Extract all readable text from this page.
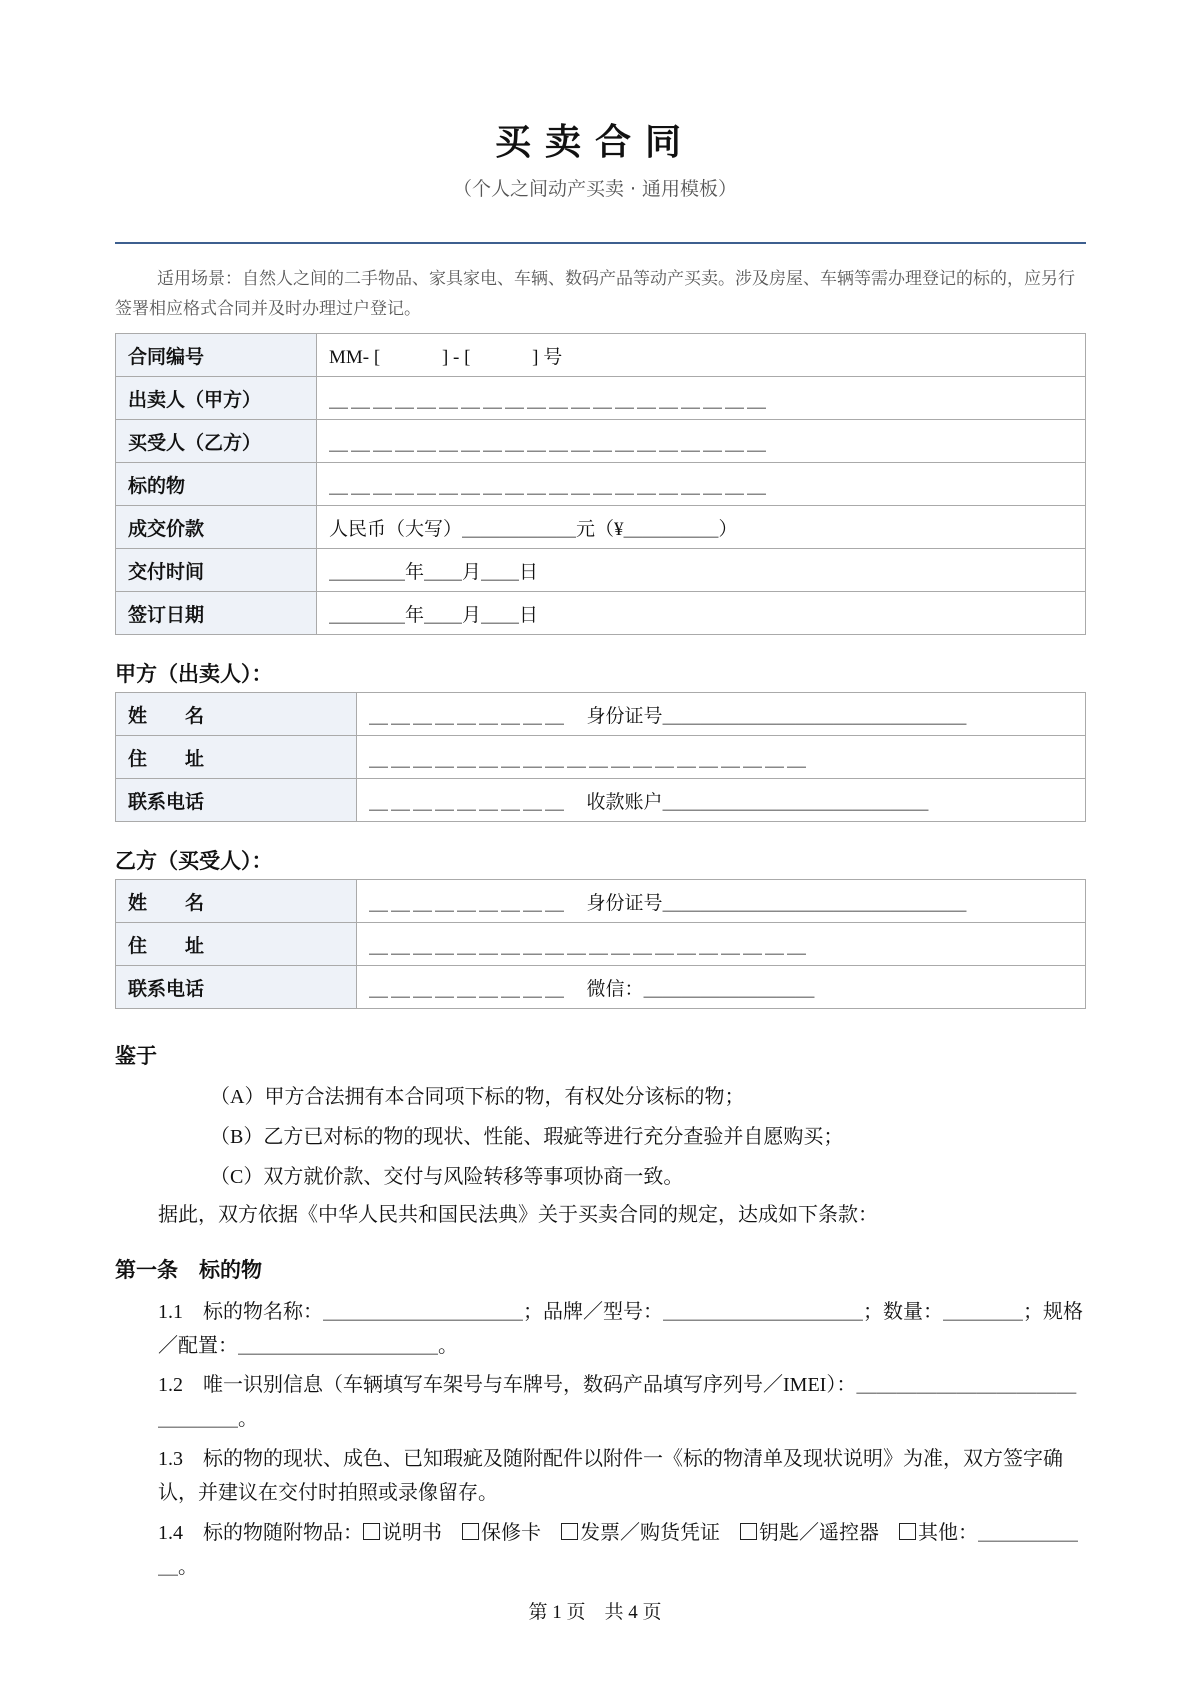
买卖合同
（个人之间动产买卖 · 通用模板）
适用场景：自然人之间的二手物品、家具家电、车辆、数码产品等动产买卖。涉及房屋、车辆等需办理登记的标的，应另行签署相应格式合同并及时办理过户登记。
合同编号	MM- [　　　 ] - [　　　 ] 号
出卖人（甲方）	＿＿＿＿＿＿＿＿＿＿＿＿＿＿＿＿＿＿＿＿
买受人（乙方）	＿＿＿＿＿＿＿＿＿＿＿＿＿＿＿＿＿＿＿＿
标的物	＿＿＿＿＿＿＿＿＿＿＿＿＿＿＿＿＿＿＿＿
成交价款	人民币（大写）＿＿＿＿＿＿元（¥＿＿＿＿＿）
交付时间	＿＿＿＿年＿＿月＿＿日
签订日期	＿＿＿＿年＿＿月＿＿日
甲方（出卖人）：
姓　　名	＿＿＿＿＿＿＿＿＿	身份证号＿＿＿＿＿＿＿＿＿＿＿＿＿＿＿＿
住　　址	＿＿＿＿＿＿＿＿＿＿＿＿＿＿＿＿＿＿＿＿	
联系电话	＿＿＿＿＿＿＿＿＿	收款账户＿＿＿＿＿＿＿＿＿＿＿＿＿＿
乙方（买受人）：
姓　　名	＿＿＿＿＿＿＿＿＿	身份证号＿＿＿＿＿＿＿＿＿＿＿＿＿＿＿＿
住　　址	＿＿＿＿＿＿＿＿＿＿＿＿＿＿＿＿＿＿＿＿	
联系电话	＿＿＿＿＿＿＿＿＿	微信：＿＿＿＿＿＿＿＿＿
鉴于
（A）甲方合法拥有本合同项下标的物，有权处分该标的物；
（B）乙方已对标的物的现状、性能、瑕疵等进行充分查验并自愿购买；
（C）双方就价款、交付与风险转移等事项协商一致。
据此，双方依据《中华人民共和国民法典》关于买卖合同的规定，达成如下条款：
第一条　标的物
1.1　标的物名称：＿＿＿＿＿＿＿＿＿＿；品牌／型号：＿＿＿＿＿＿＿＿＿＿；数量：＿＿＿＿；规格／配置：＿＿＿＿＿＿＿＿＿＿。
1.2　唯一识别信息（车辆填写车架号与车牌号，数码产品填写序列号／IMEI）：＿＿＿＿＿＿＿＿＿＿＿＿＿＿＿。
1.3　标的物的现状、成色、已知瑕疵及随附配件以附件一《标的物清单及现状说明》为准，双方签字确认，并建议在交付时拍照或录像留存。
1.4　标的物随附物品： 说明书　 保修卡　 发票／购货凭证　 钥匙／遥控器　 其他：＿＿＿＿＿＿。
第 1 页　共 4 页
